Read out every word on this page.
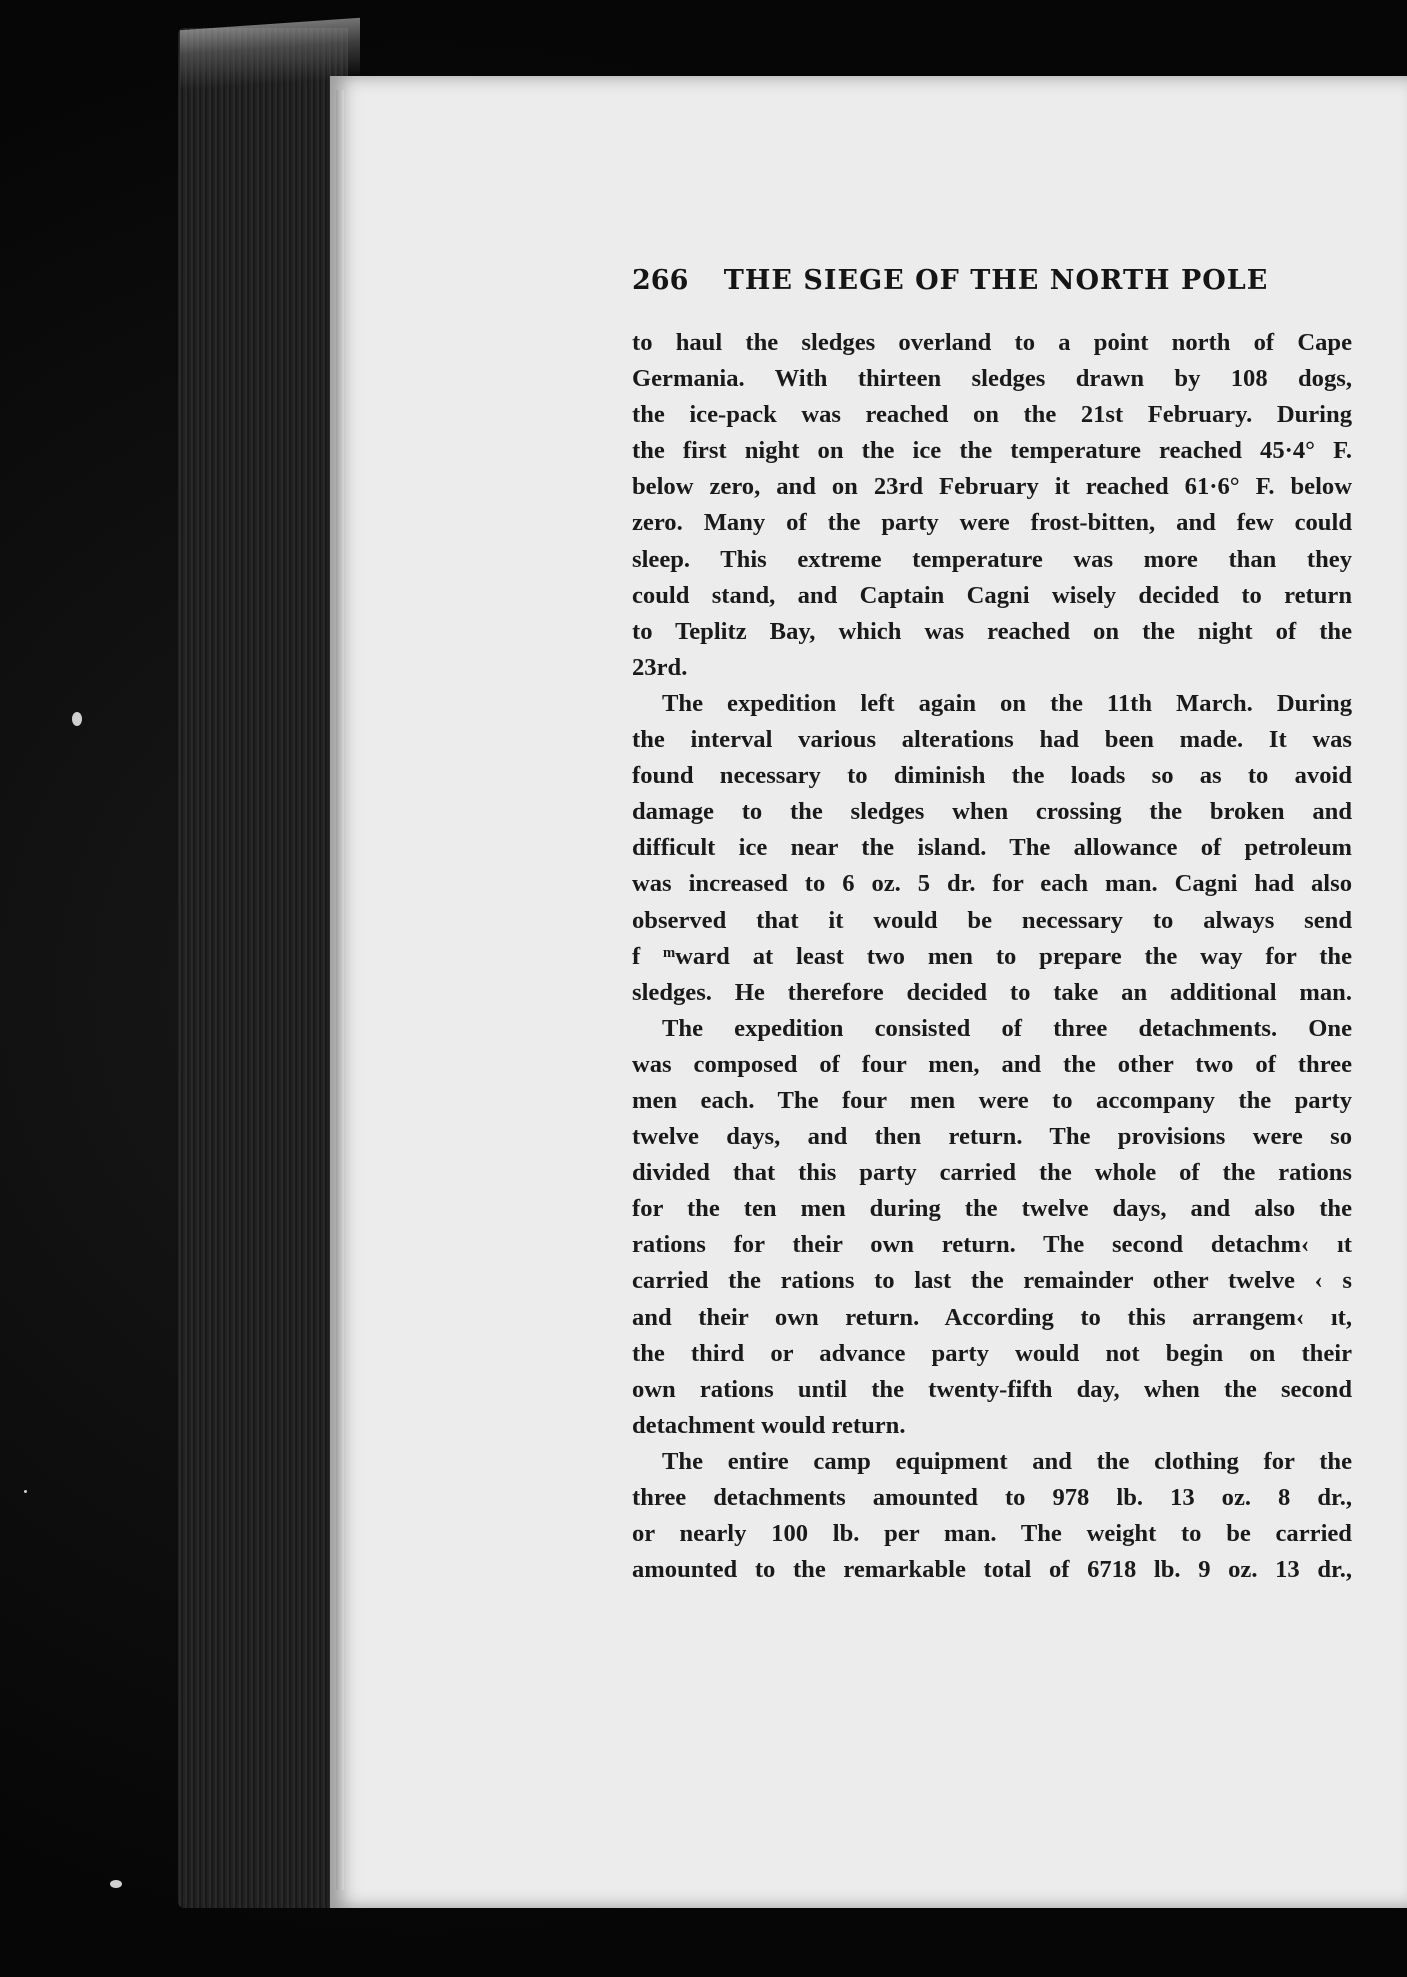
266 THE SIEGE OF THE NORTH POLE
to haul the sledges overland to a point north of Cape
Germania. With thirteen sledges drawn by 108 dogs,
the ice-pack was reached on the 21st February. During
the first night on the ice the temperature reached 45·4° F.
below zero, and on 23rd February it reached 61·6° F. below
zero. Many of the party were frost-bitten, and few could
sleep. This extreme temperature was more than they
could stand, and Captain Cagni wisely decided to return
to Teplitz Bay, which was reached on the night of the
23rd.
The expedition left again on the 11th March. During
the interval various alterations had been made. It was
found necessary to diminish the loads so as to avoid
damage to the sledges when crossing the broken and
difficult ice near the island. The allowance of petroleum
was increased to 6 oz. 5 dr. for each man. Cagni had also
observed that it would be necessary to always send
f ᵐward at least two men to prepare the way for the
sledges. He therefore decided to take an additional man.
The expedition consisted of three detachments. One
was composed of four men, and the other two of three
men each. The four men were to accompany the party
twelve days, and then return. The provisions were so
divided that this party carried the whole of the rations
for the ten men during the twelve days, and also the
rations for their own return. The second detachm‹ ıt
carried the rations to last the remainder other twelve ‹ s
and their own return. According to this arrangem‹ ıt,
the third or advance party would not begin on their
own rations until the twenty-fifth day, when the second
detachment would return.
The entire camp equipment and the clothing for the
three detachments amounted to 978 lb. 13 oz. 8 dr.,
or nearly 100 lb. per man. The weight to be carried
amounted to the remarkable total of 6718 lb. 9 oz. 13 dr.,
